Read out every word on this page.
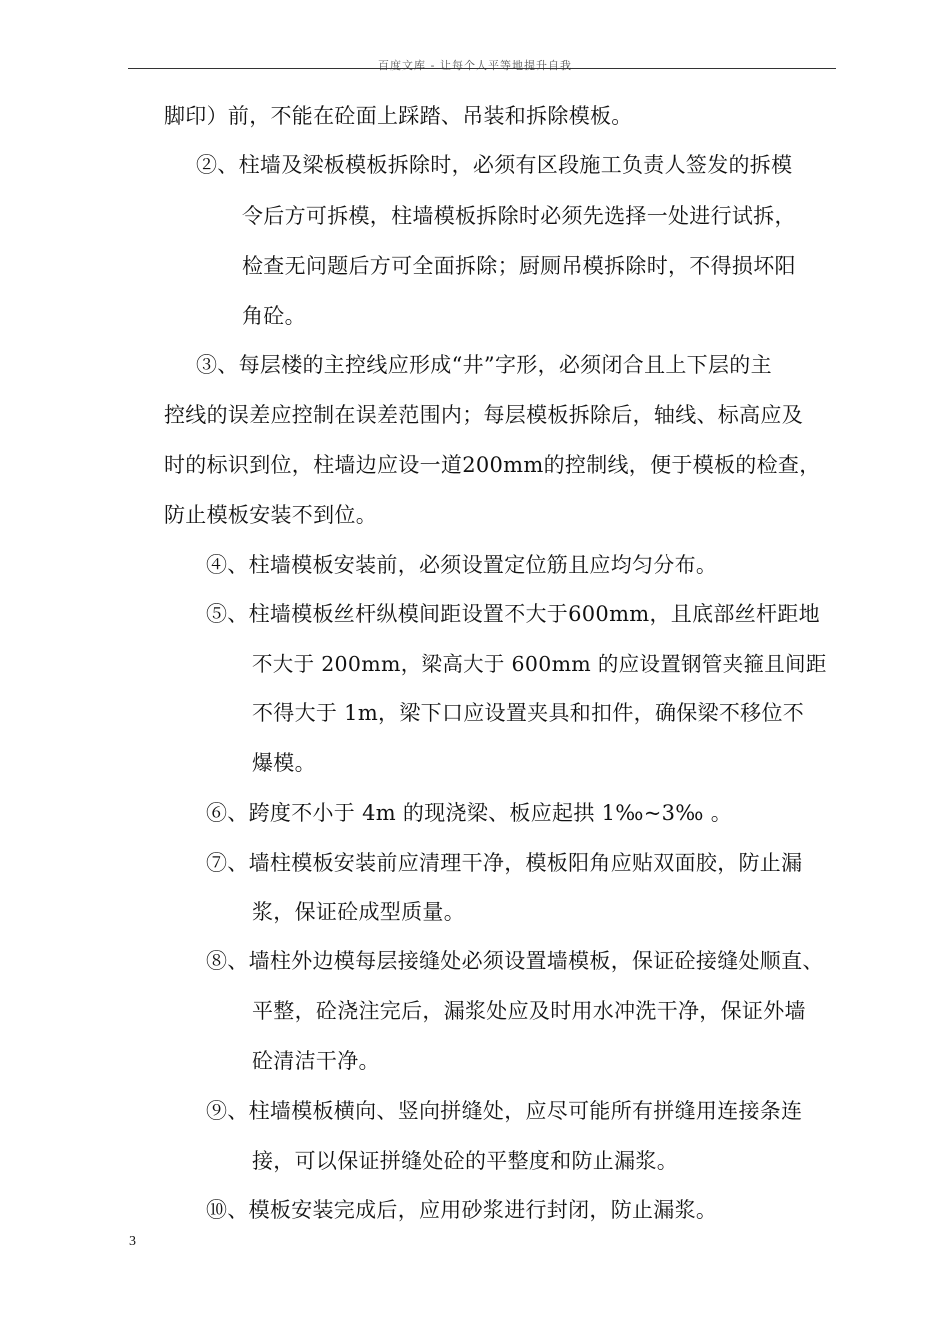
百度文库 - 让每个人平等地提升自我
脚印）前，不能在砼面上踩踏、吊装和拆除模板。
②、柱墙及梁板模板拆除时，必须有区段施工负责人签发的拆模
令后方可拆模，柱墙模板拆除时必须先选择一处进行试拆，
检查无问题后方可全面拆除；厨厕吊模拆除时，不得损坏阳
角砼。
③、每层楼的主控线应形成“井”字形，必须闭合且上下层的主
控线的误差应控制在误差范围内；每层模板拆除后，轴线、标高应及
时的标识到位，柱墙边应设一道200mm的控制线，便于模板的检查，
防止模板安装不到位。
④、柱墙模板安装前，必须设置定位筋且应均匀分布。
⑤、柱墙模板丝杆纵模间距设置不大于600mm，且底部丝杆距地
不大于 200mm，梁高大于 600mm 的应设置钢管夹箍且间距
不得大于 1m，梁下口应设置夹具和扣件，确保梁不移位不
爆模。
⑥、跨度不小于 4m 的现浇梁、板应起拱 1‰~3‰ 。
⑦、墙柱模板安装前应清理干净，模板阳角应贴双面胶，防止漏
浆，保证砼成型质量。
⑧、墙柱外边模每层接缝处必须设置墙模板，保证砼接缝处顺直、
平整，砼浇注完后，漏浆处应及时用水冲洗干净，保证外墙
砼清洁干净。
⑨、柱墙模板横向、竖向拼缝处，应尽可能所有拼缝用连接条连
接，可以保证拼缝处砼的平整度和防止漏浆。
⑩、模板安装完成后，应用砂浆进行封闭，防止漏浆。
3
